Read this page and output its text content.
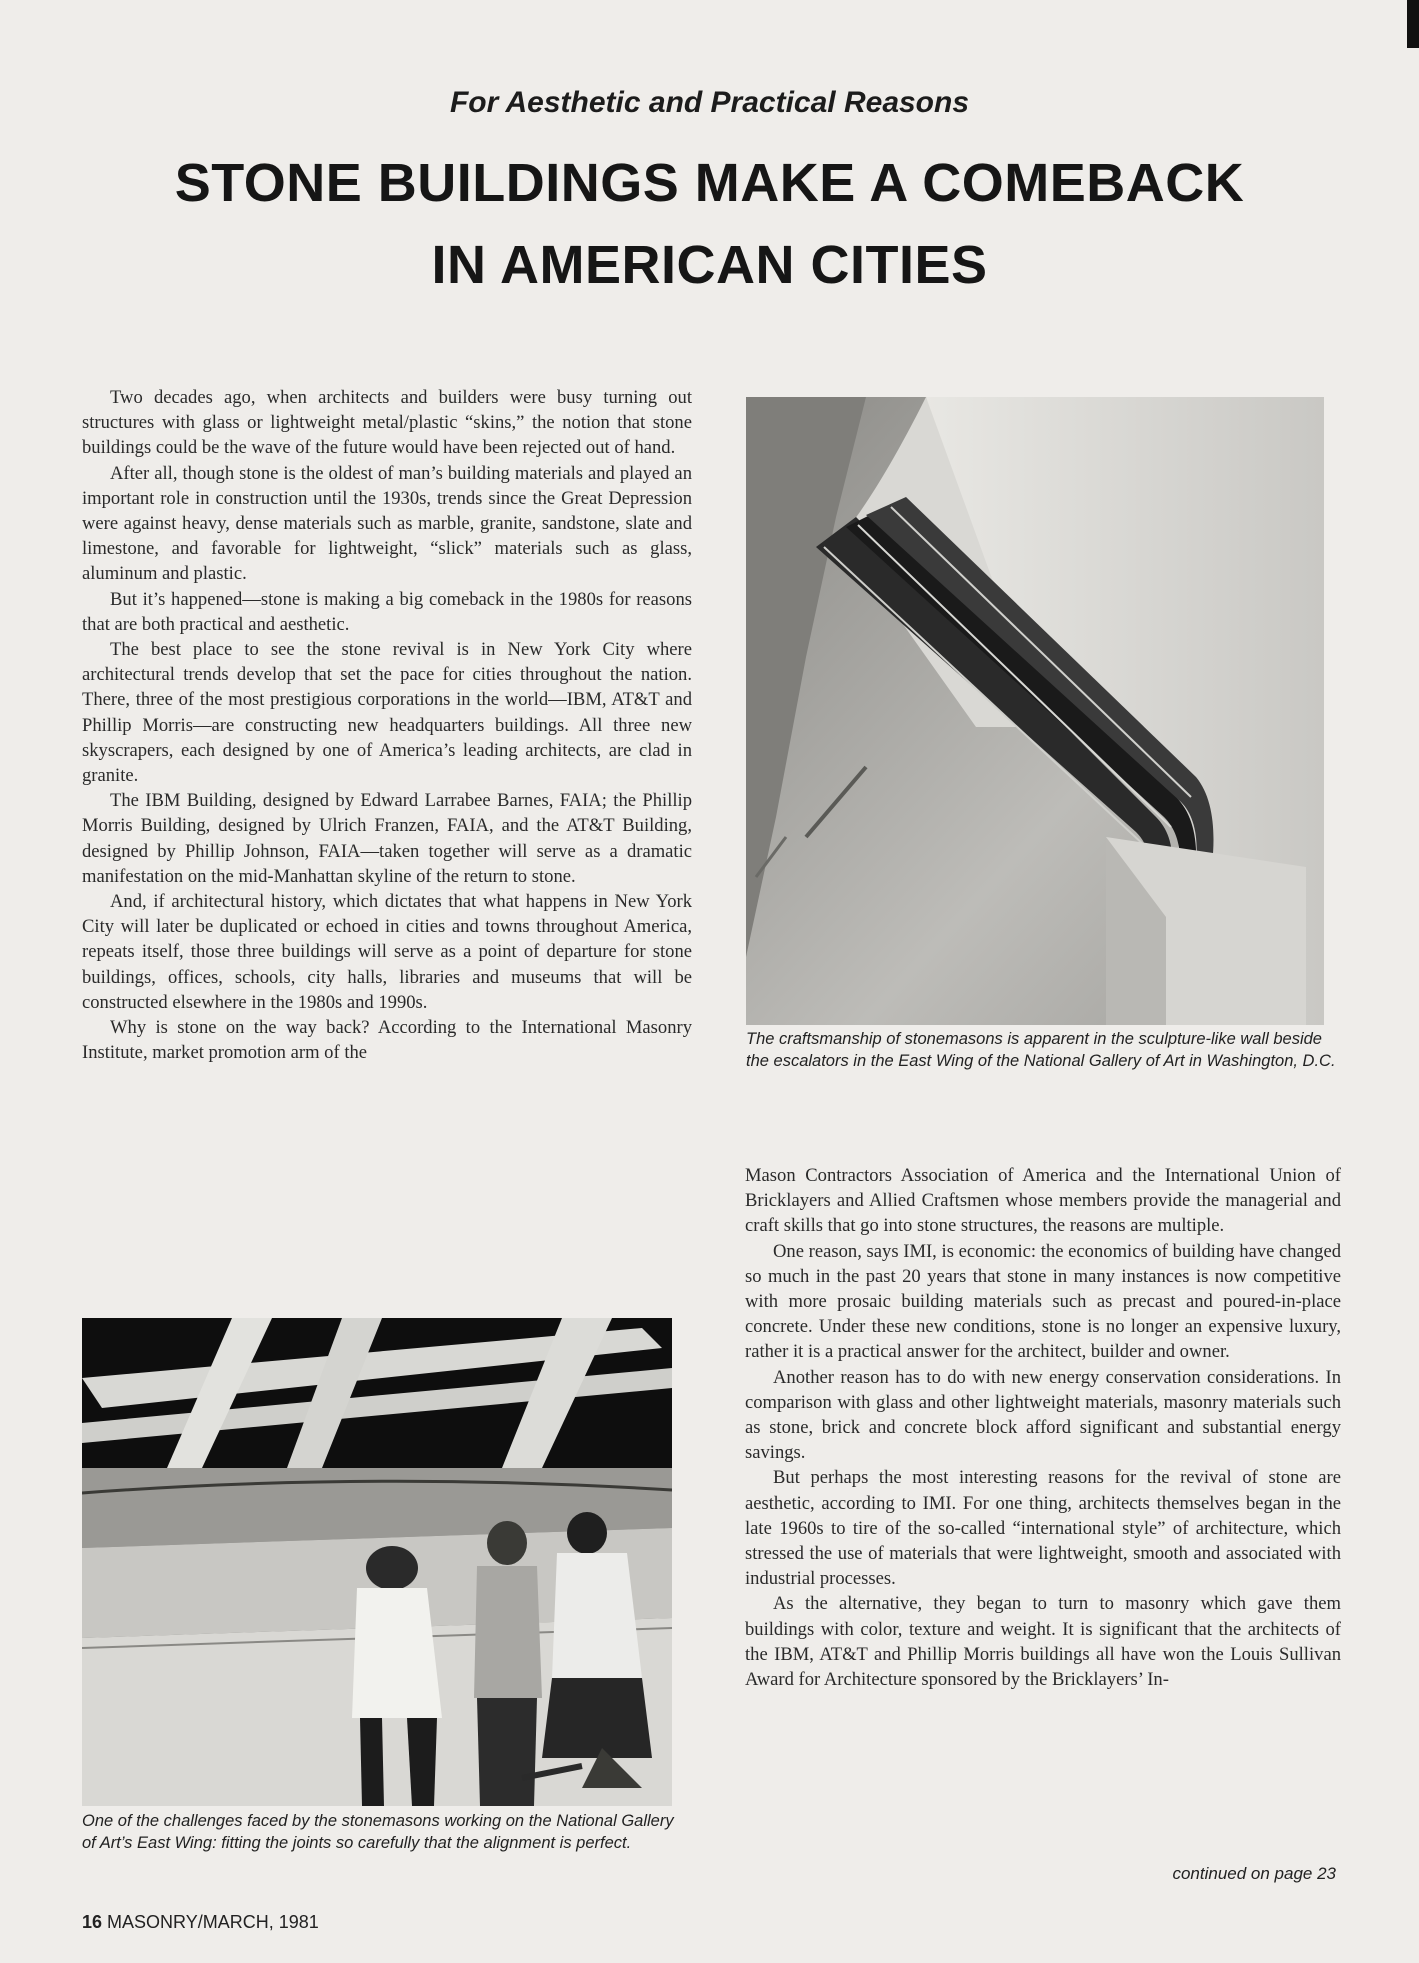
For Aesthetic and Practical Reasons
STONE BUILDINGS MAKE A COMEBACK
IN AMERICAN CITIES

Two decades ago, when architects and builders were busy turning out structures with glass or lightweight metal/plastic “skins,” the notion that stone buildings could be the wave of the future would have been rejected out of hand.

After all, though stone is the oldest of man’s building materials and played an important role in construction until the 1930s, trends since the Great Depression were against heavy, dense materials such as marble, granite, sandstone, slate and limestone, and favorable for lightweight, “slick” materials such as glass, aluminum and plastic.

But it’s happened—stone is making a big comeback in the 1980s for reasons that are both practical and aesthetic.

The best place to see the stone revival is in New York City where architectural trends develop that set the pace for cities throughout the nation. There, three of the most prestigious corporations in the world—IBM, AT&T and Phillip Morris—are constructing new headquarters buildings. All three new skyscrapers, each designed by one of America’s leading architects, are clad in granite.

The IBM Building, designed by Edward Larrabee Barnes, FAIA; the Phillip Morris Building, designed by Ulrich Franzen, FAIA, and the AT&T Building, designed by Phillip Johnson, FAIA—taken together will serve as a dramatic manifestation on the mid-Manhattan skyline of the return to stone.

And, if architectural history, which dictates that what happens in New York City will later be duplicated or echoed in cities and towns throughout America, repeats itself, those three buildings will serve as a point of departure for stone buildings, offices, schools, city halls, libraries and museums that will be constructed elsewhere in the 1980s and 1990s.

Why is stone on the way back? According to the International Masonry Institute, market promotion arm of the

The craftsmanship of stonemasons is apparent in the sculpture-like wall beside the escalators in the East Wing of the National Gallery of Art in Washington, D.C.
One of the challenges faced by the stonemasons working on the National Gallery of Art’s East Wing: fitting the joints so carefully that the alignment is perfect.

Mason Contractors Association of America and the International Union of Bricklayers and Allied Craftsmen whose members provide the managerial and craft skills that go into stone structures, the reasons are multiple.

One reason, says IMI, is economic: the economics of building have changed so much in the past 20 years that stone in many instances is now competitive with more prosaic building materials such as precast and poured-in-place concrete. Under these new conditions, stone is no longer an expensive luxury, rather it is a practical answer for the architect, builder and owner.

Another reason has to do with new energy conservation considerations. In comparison with glass and other lightweight materials, masonry materials such as stone, brick and concrete block afford significant and substantial energy savings.

But perhaps the most interesting reasons for the revival of stone are aesthetic, according to IMI. For one thing, architects themselves began in the late 1960s to tire of the so-called “international style” of architecture, which stressed the use of materials that were lightweight, smooth and associated with industrial processes.

As the alternative, they began to turn to masonry which gave them buildings with color, texture and weight. It is significant that the architects of the IBM, AT&T and Phillip Morris buildings all have won the Louis Sullivan Award for Architecture sponsored by the Bricklayers’ In-

continued on page 23
16 MASONRY/MARCH, 1981
